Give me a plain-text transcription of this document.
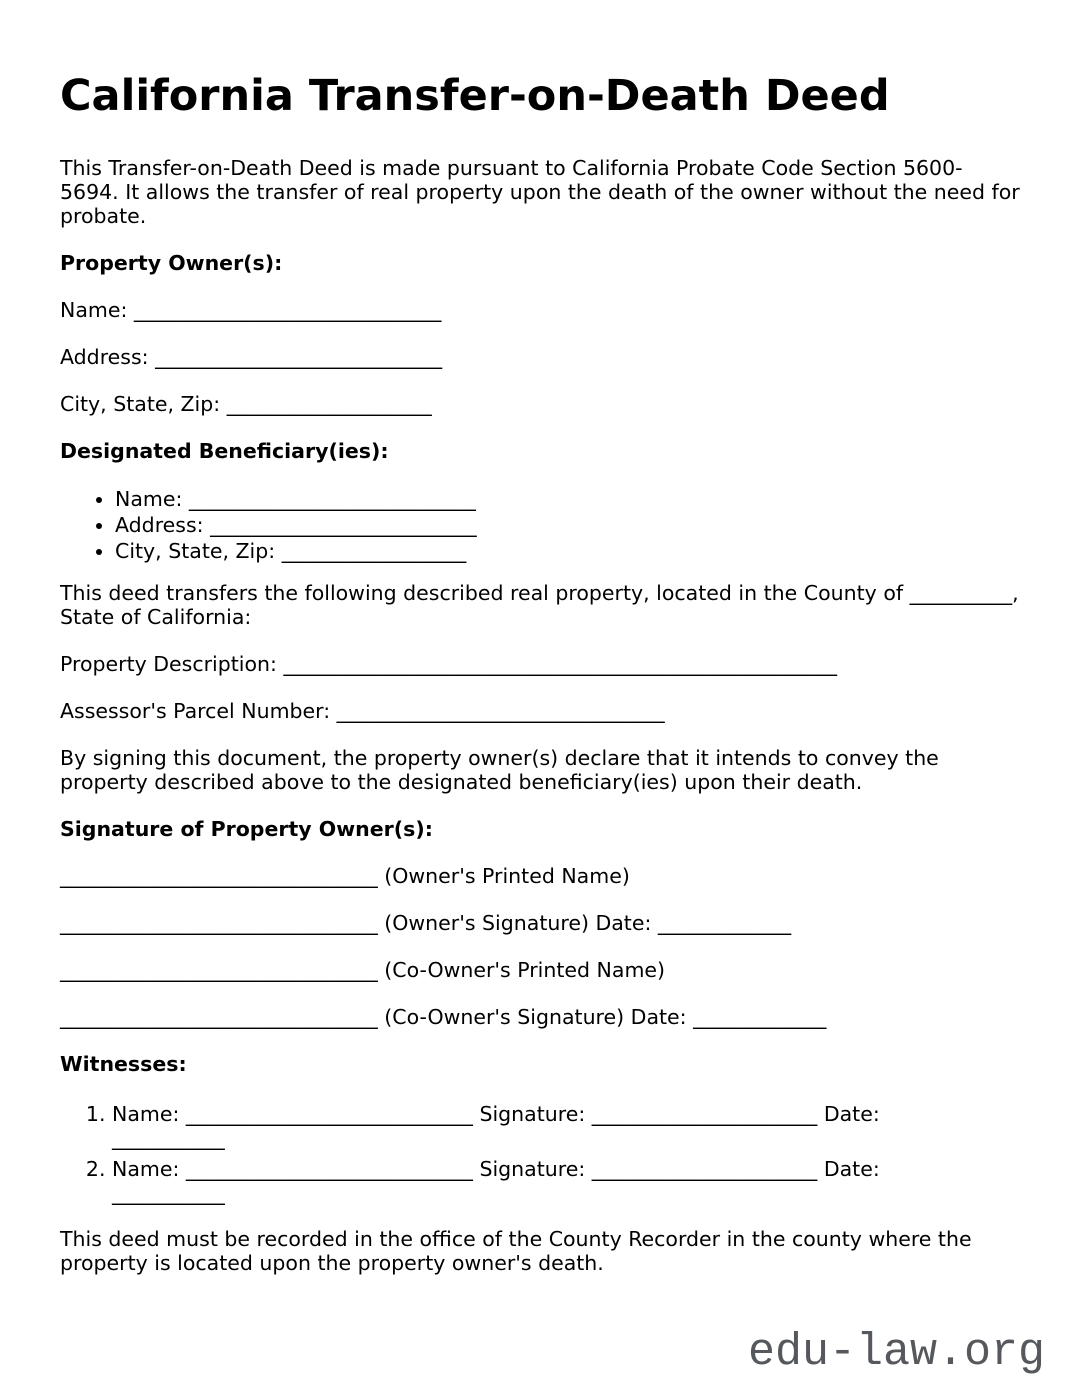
California Transfer-on-Death Deed

This Transfer-on-Death Deed is made pursuant to California Probate Code Section 5600-5694. It allows the transfer of real property upon the death of the owner without the need for probate.

Property Owner(s):
Name: ______________________________
Address: ____________________________
City, State, Zip: ____________________
Designated Beneficiary(ies):
• Name: ____________________________
• Address: __________________________
• City, State, Zip: __________________

This deed transfers the following described real property, located in the County of __________, State of California:

Property Description: ______________________________________________________
Assessor's Parcel Number: ________________________________

By signing this document, the property owner(s) declare that it intends to convey the property described above to the designated beneficiary(ies) upon their death.

Signature of Property Owner(s):
_______________________________ (Owner's Printed Name)
_______________________________ (Owner's Signature) Date: _____________
_______________________________ (Co-Owner's Printed Name)
_______________________________ (Co-Owner's Signature) Date: _____________
Witnesses:
1. Name: ____________________________ Signature: ______________________ Date: ___________
2. Name: ____________________________ Signature: ______________________ Date: ___________

This deed must be recorded in the office of the County Recorder in the county where the property is located upon the property owner's death.

edu-law.org
